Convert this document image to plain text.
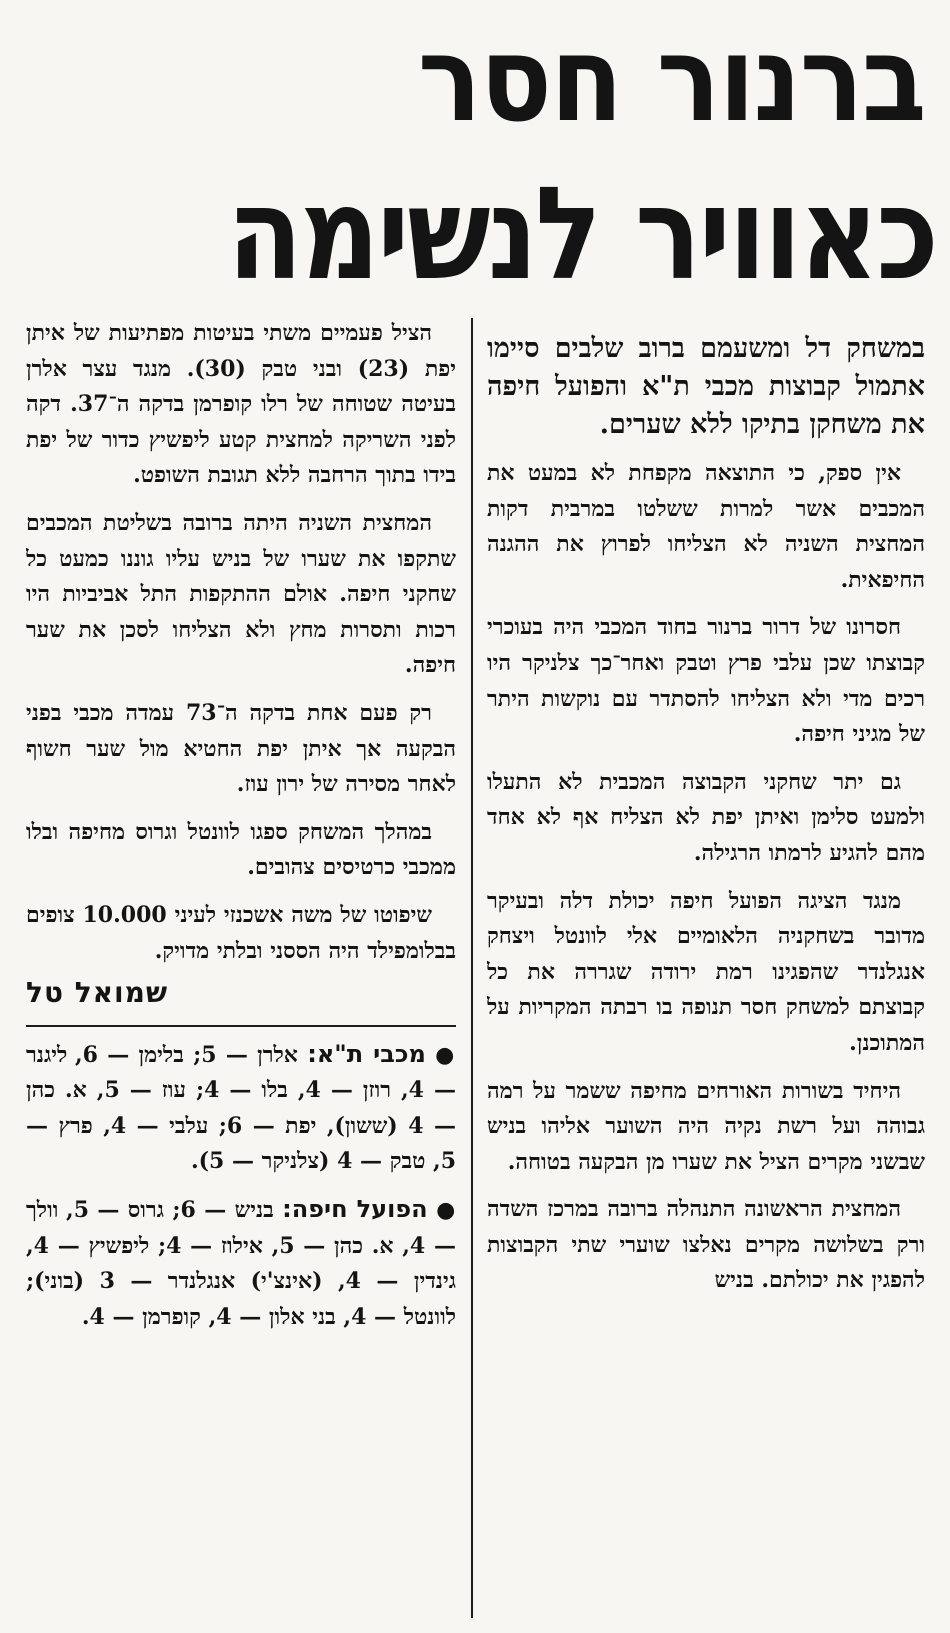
ברנור חסר
כאוויר לנשימה

במשחק דל ומשעמם ברוב שלבים סיימו אתמול קבוצות מכבי ת"א והפועל חיפה את משחקן בתיקו ללא שערים.

אין ספק, כי התוצאה מקפחת לא במעט את המכבים אשר למרות ששלטו במרבית דקות המחצית השניה לא הצליחו לפרוץ את ההגנה החיפאית.

חסרונו של דרור ברנור בחוד המכבי היה בעוכרי קבוצתו שכן עלבי פרץ וטבק ואחר־כך צלניקר היו רכים מדי ולא הצליחו להסתדר עם נוקשות היתר של מגיני חיפה.

גם יתר שחקני הקבוצה המכבית לא התעלו ולמעט סלימן ואיתן יפת לא הצליח אף לא אחד מהם להגיע לרמתו הרגילה.

מנגד הציגה הפועל חיפה יכולת דלה ובעיקר מדובר בשחקניה הלאומיים אלי לוונטל ויצחק אנגלנדר שהפגינו רמת ירודה שגררה את כל קבוצתם למשחק חסר תנופה בו רבתה המקריות על המתוכנן.

היחיד בשורות האורחים מחיפה ששמר על רמה גבוהה ועל רשת נקיה היה השוער אליהו בניש שבשני מקרים הציל את שערו מן הבקעה בטוחה.

המחצית הראשונה התנהלה ברובה במרכז השדה ורק בשלושה מקרים נאלצו שוערי שתי הקבוצות להפגין את יכולתם. בניש

הציל פעמיים משתי בעיטות מפתיעות של איתן יפת (23) ובני טבק (30). מנגד עצר אלרן בעיטה שטוחה של רלו קופרמן בדקה ה־37. דקה לפני השריקה למחצית קטע ליפשיץ כדור של יפת בידו בתוך הרחבה ללא תגובת השופט.

המחצית השניה היתה ברובה בשליטת המכבים שתקפו את שערו של בניש עליו גוננו כמעט כל שחקני חיפה. אולם ההתקפות התל אביביות היו רכות ותסרות מחץ ולא הצליחו לסכן את שער חיפה.

רק פעם אחת בדקה ה־73 עמדה מכבי בפני הבקעה אך איתן יפת החטיא מול שער חשוף לאחר מסירה של ירון עוז.

במהלך המשחק ספגו לוונטל וגרוס מחיפה ובלו ממכבי כרטיסים צהובים.

שיפוטו של משה אשכנזי לעיני 10.000 צופים בבלומפילד היה הססני ובלתי מדויק.

שמואל טל

● מכבי ת"א: אלרן — 5; בלימן — 6, ליגנר — 4, רוזן — 4, בלו — 4; עוז — 5, א. כהן — 4 (ששון), יפת — 6; עלבי — 4, פרץ — 5, טבק — 4 (צלניקר — 5).

● הפועל חיפה: בניש — 6; גרוס — 5, וולך — 4, א. כהן — 5, אילוז — 4; ליפשיץ — 4, גינדין — 4, (אינצ'י) אנגלנדר — 3 (בוני); לוונטל — 4, בני אלון — 4, קופרמן — 4.
